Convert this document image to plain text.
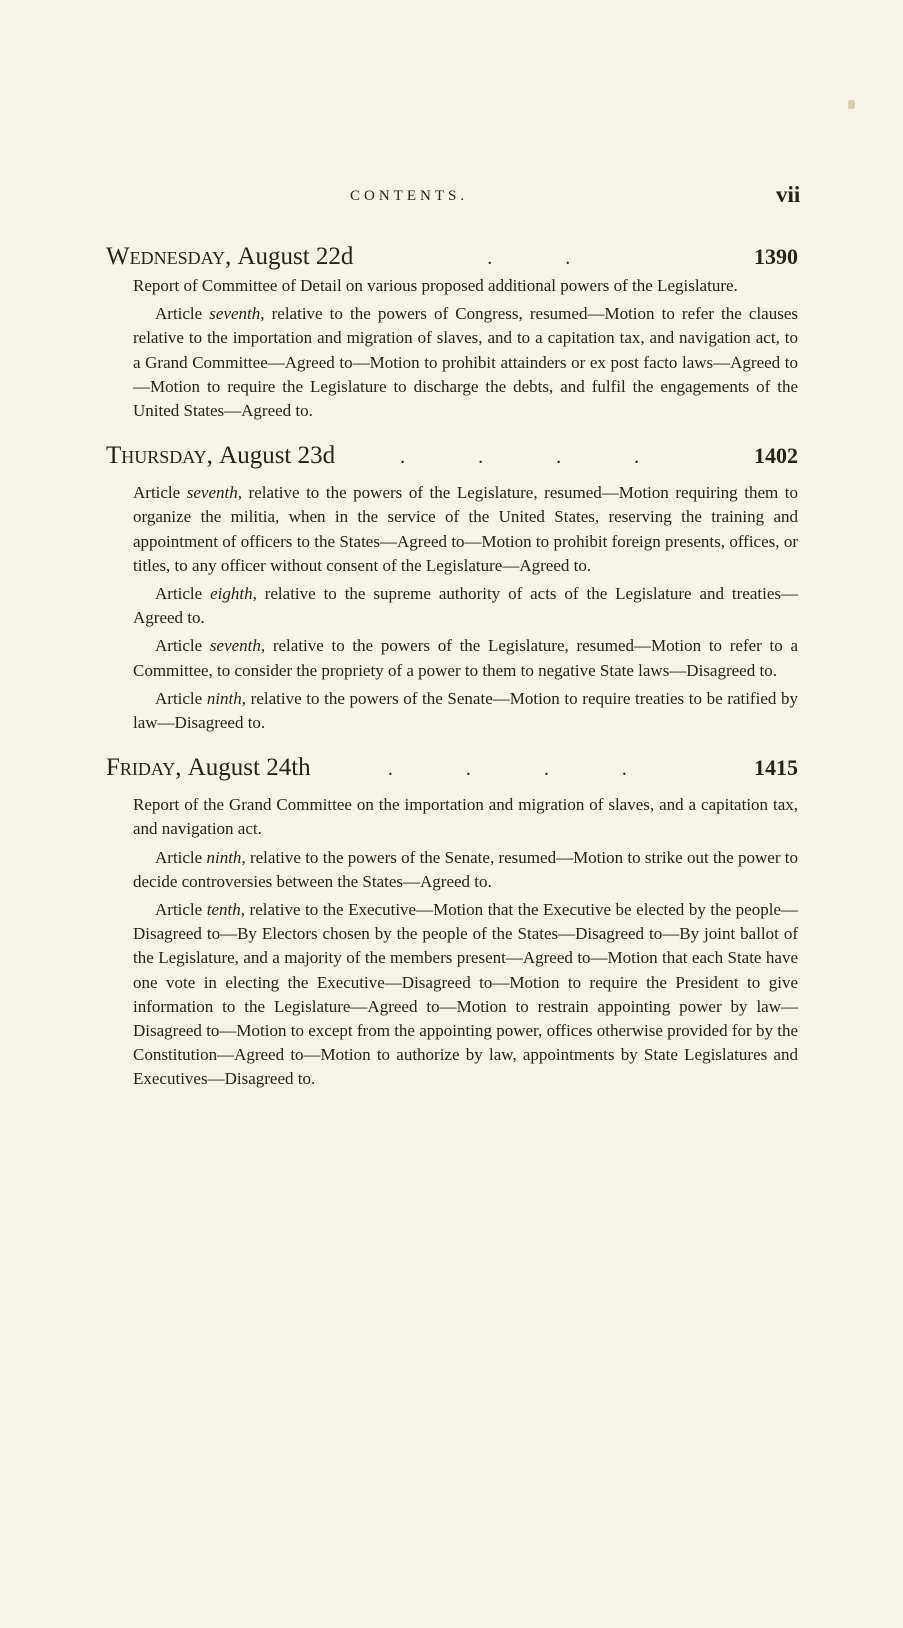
CONTENTS.	vii
Wednesday,
August 22d	. .	1390

Report of Committee of Detail on various proposed additional powers of the Legislature.

Article seventh, relative to the powers of Congress, resumed—Motion to refer the clauses relative to the importation and migration of slaves, and to a capitation tax, and navigation act, to a Grand Committee—Agreed to—Motion to prohibit attainders or ex post facto laws—Agreed to—Motion to require the Legislature to discharge the debts, and fulfil the engagements of the United States—Agreed to.

Thursday,
August 23d	. . . .	1402

Article seventh, relative to the powers of the Legislature, resumed—Motion requiring them to organize the militia, when in the service of the United States, reserving the training and appointment of officers to the States—Agreed to—Motion to prohibit foreign presents, offices, or titles, to any officer without consent of the Legislature—Agreed to.

Article eighth, relative to the supreme authority of acts of the Legislature and treaties—Agreed to.

Article seventh, relative to the powers of the Legislature, resumed—Motion to refer to a Committee, to consider the propriety of a power to them to negative State laws—Disagreed to.

Article ninth, relative to the powers of the Senate—Motion to require treaties to be ratified by law—Disagreed to.

Friday,
August 24th	. . . .	1415

Report of the Grand Committee on the importation and migration of slaves, and a capitation tax, and navigation act.

Article ninth, relative to the powers of the Senate, resumed—Motion to strike out the power to decide controversies between the States—Agreed to.

Article tenth, relative to the Executive—Motion that the Executive be elected by the people—Disagreed to—By Electors chosen by the people of the States—Disagreed to—By joint ballot of the Legislature, and a majority of the members present—Agreed to—Motion that each State have one vote in electing the Executive—Disagreed to—Motion to require the President to give information to the Legislature—Agreed to—Motion to restrain appointing power by law—Disagreed to—Motion to except from the appointing power, offices otherwise provided for by the Constitution—Agreed to—Motion to authorize by law, appointments by State Legislatures and Executives—Disagreed to.
